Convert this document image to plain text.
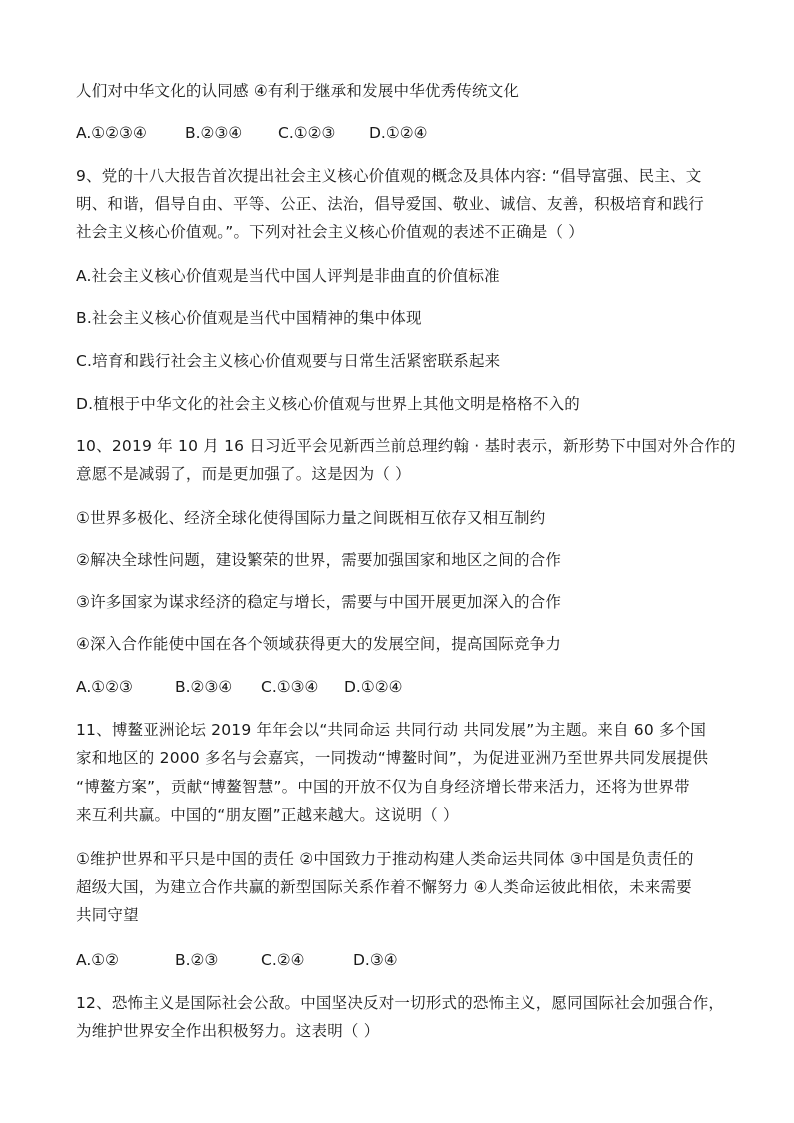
人们对中华文化的认同感 ④有利于继承和发展中华优秀传统文化
A.①②③④ B.②③④ C.①②③ D.①②④
9、党的十八大报告首次提出社会主义核心价值观的概念及具体内容: “倡导富强、民主、文
明、和谐，倡导自由、平等、公正、法治，倡导爱国、敬业、诚信、友善，积极培育和践行
社会主义核心价值观。”。下列对社会主义核心价值观的表述不正确是（ ）
A.社会主义核心价值观是当代中国人评判是非曲直的价值标准
B.社会主义核心价值观是当代中国精神的集中体现
C.培育和践行社会主义核心价值观要与日常生活紧密联系起来
D.植根于中华文化的社会主义核心价值观与世界上其他文明是格格不入的
10、2019 年 10 月 16 日习近平会见新西兰前总理约翰 · 基时表示，新形势下中国对外合作的
意愿不是减弱了，而是更加强了。这是因为（ ）
①世界多极化、经济全球化使得国际力量之间既相互依存又相互制约
②解决全球性问题，建设繁荣的世界，需要加强国家和地区之间的合作
③许多国家为谋求经济的稳定与增长，需要与中国开展更加深入的合作
④深入合作能使中国在各个领域获得更大的发展空间，提高国际竞争力
A.①②③	B.②③④ C.①③④ D.①②④
11、博鳌亚洲论坛 2019 年年会以“共同命运 共同行动 共同发展”为主题。来自 60 多个国
家和地区的 2000 多名与会嘉宾，一同拨动“博鳌时间”，为促进亚洲乃至世界共同发展提供
“博鳌方案”，贡献“博鳌智慧”。中国的开放不仅为自身经济增长带来活力，还将为世界带
来互利共赢。中国的“朋友圈”正越来越大。这说明（ ）
①维护世界和平只是中国的责任 ②中国致力于推动构建人类命运共同体 ③中国是负责任的
超级大国，为建立合作共赢的新型国际关系作着不懈努力 ④人类命运彼此相依，未来需要
共同守望
A.①②	B.②③	C.②④	D.③④
12、恐怖主义是国际社会公敌。中国坚决反对一切形式的恐怖主义，愿同国际社会加强合作，
为维护世界安全作出积极努力。这表明（ ）
